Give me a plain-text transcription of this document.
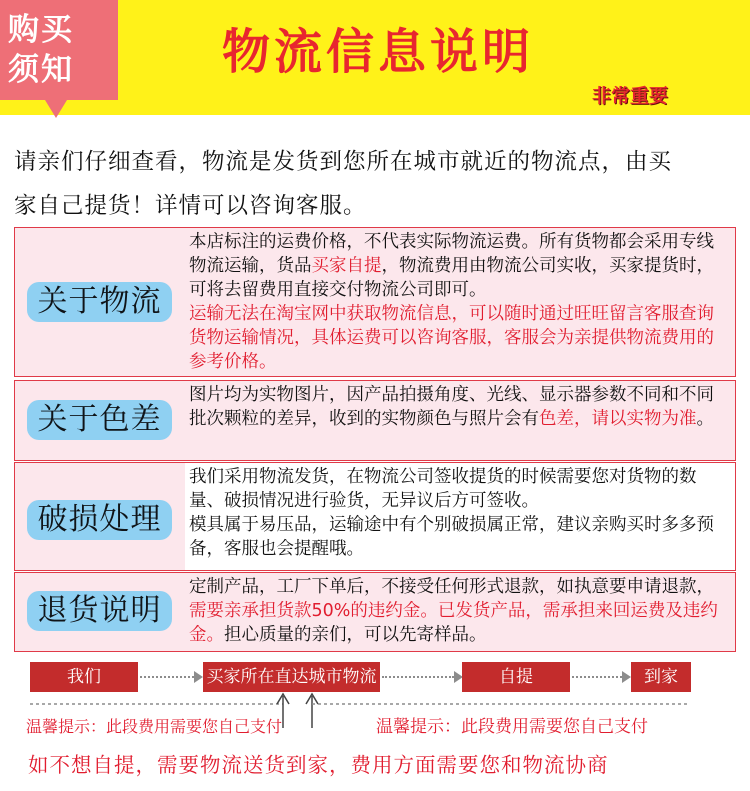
购买
须知	物流信息说明
非常重要
请亲们仔细查看，物流是发货到您所在城市就近的物流点，由买
家自己提货！详情可以咨询客服。
关于物流
本店标注的运费价格，不代表实际物流运费。所有货物都会采用专线物流运输，货品买家自提，物流费用由物流公司实收，买家提货时，可将去留费用直接交付物流公司即可。
运输无法在淘宝网中获取物流信息，可以随时通过旺旺留言客服查询货物运输情况，具体运费可以咨询客服，客服会为亲提供物流费用的参考价格。
关于色差
图片均为实物图片，因产品拍摄角度、光线、显示器参数不同和不同批次颗粒的差异，收到的实物颜色与照片会有色差，请以实物为准。
破损处理
我们采用物流发货，在物流公司签收提货的时候需要您对货物的数量、破损情况进行验货，无异议后方可签收。
模具属于易压品，运输途中有个别破损属正常，建议亲购买时多多预备，客服也会提醒哦。
退货说明
定制产品，工厂下单后，不接受任何形式退款，如执意要申请退款，需要亲承担货款50%的违约金。已发货产品，需承担来回运费及违约金。担心质量的亲们，可以先寄样品。
我们	买家所在直达城市物流点
自提	到家
温馨提示：此段费用需要您自己支付	温馨提示：此段费用需要您自己支付
如不想自提，需要物流送货到家，费用方面需要您和物流协商
